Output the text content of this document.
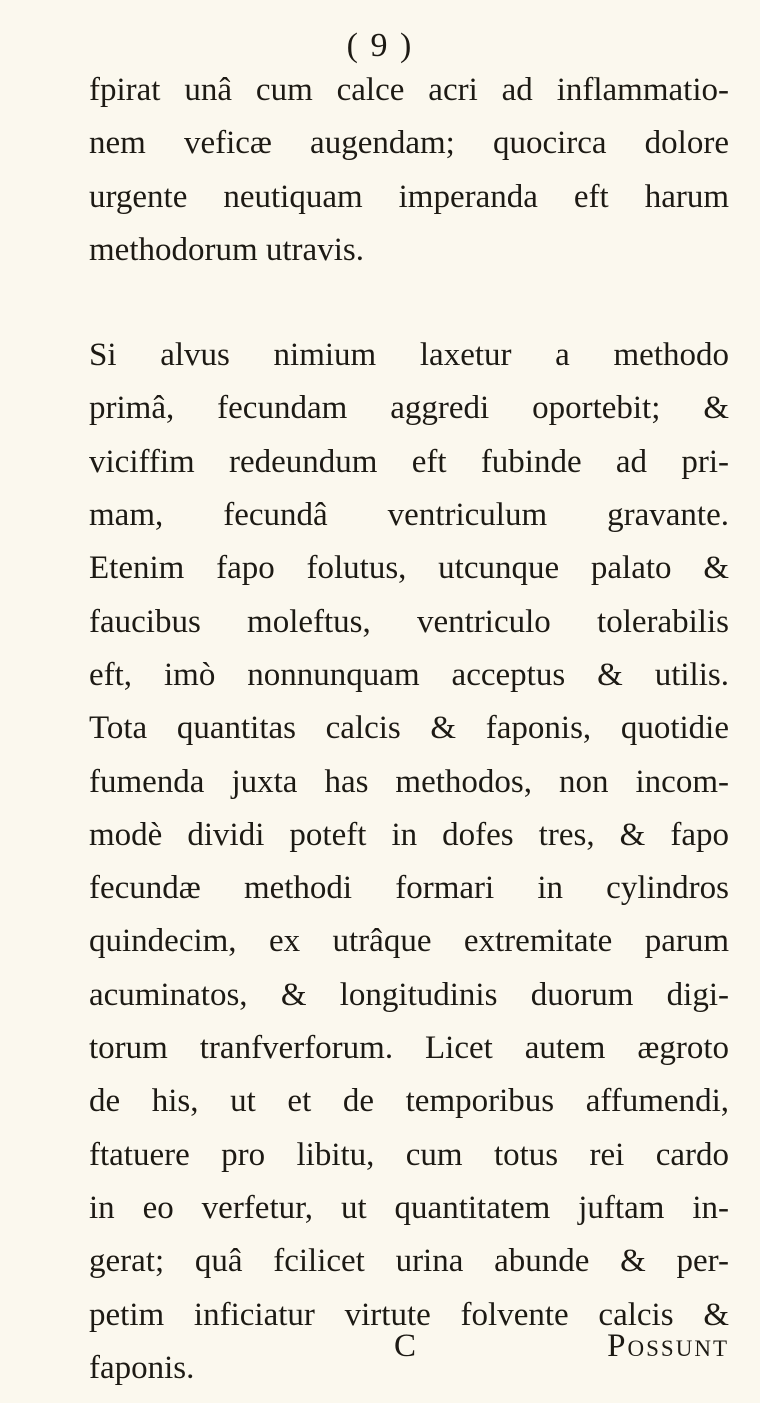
( 9 )
fpirat unâ cum calce acri ad inflammatio-
nem veficæ augendam; quocirca dolore
urgente neutiquam imperanda eft harum
methodorum utravis.
Si alvus nimium laxetur a methodo
primâ, fecundam aggredi oportebit; &
viciffim redeundum eft fubinde ad pri-
mam, fecundâ ventriculum gravante.
Etenim fapo folutus, utcunque palato &
faucibus moleftus, ventriculo tolerabilis
eft, imò nonnunquam acceptus & utilis.
Tota quantitas calcis & faponis, quotidie
fumenda juxta has methodos, non incom-
modè dividi poteft in dofes tres, & fapo
fecundæ methodi formari in cylindros
quindecim, ex utrâque extremitate parum
acuminatos, & longitudinis duorum digi-
torum tranfverforum. Licet autem ægroto
de his, ut et de temporibus affumendi,
ftatuere pro libitu, cum totus rei cardo
in eo verfetur, ut quantitatem juftam in-
gerat; quâ fcilicet urina abunde & per-
petim inficiatur virtute folvente calcis &
faponis.
C	Possunt
